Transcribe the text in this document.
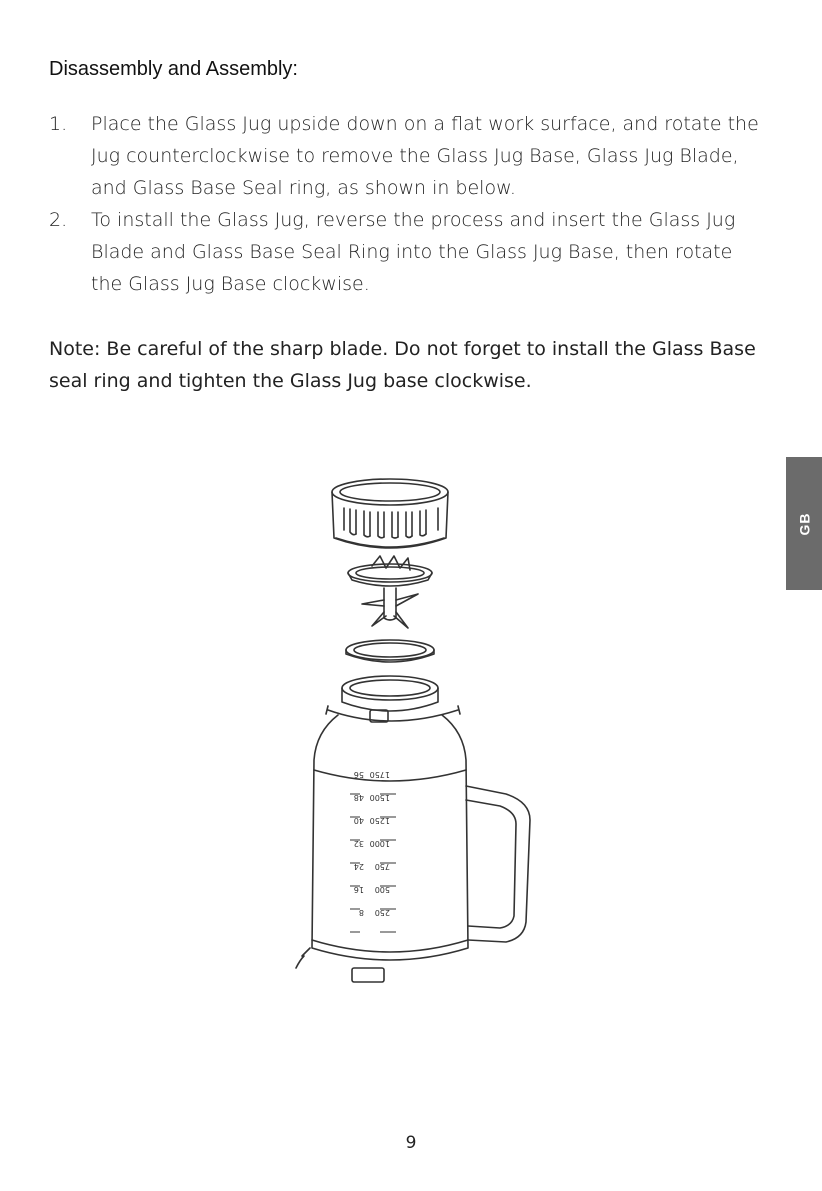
Disassembly and Assembly:
1. Place the Glass Jug upside down on a flat work surface, and rotate the Jug counterclockwise to remove the Glass Jug Base, Glass Jug Blade, and Glass Base Seal ring, as shown in below.
2. To install the Glass Jug, reverse the process and insert the Glass Jug Blade and Glass Base Seal Ring into the Glass Jug Base, then rotate the Glass Jug Base clockwise.

Note: Be careful of the sharp blade. Do not forget to install the Glass Base seal ring and tighten the Glass Jug base clockwise.

GB
8
16
24
32
40
48
56
250
500
750
1000
1250
1500
1750
9
